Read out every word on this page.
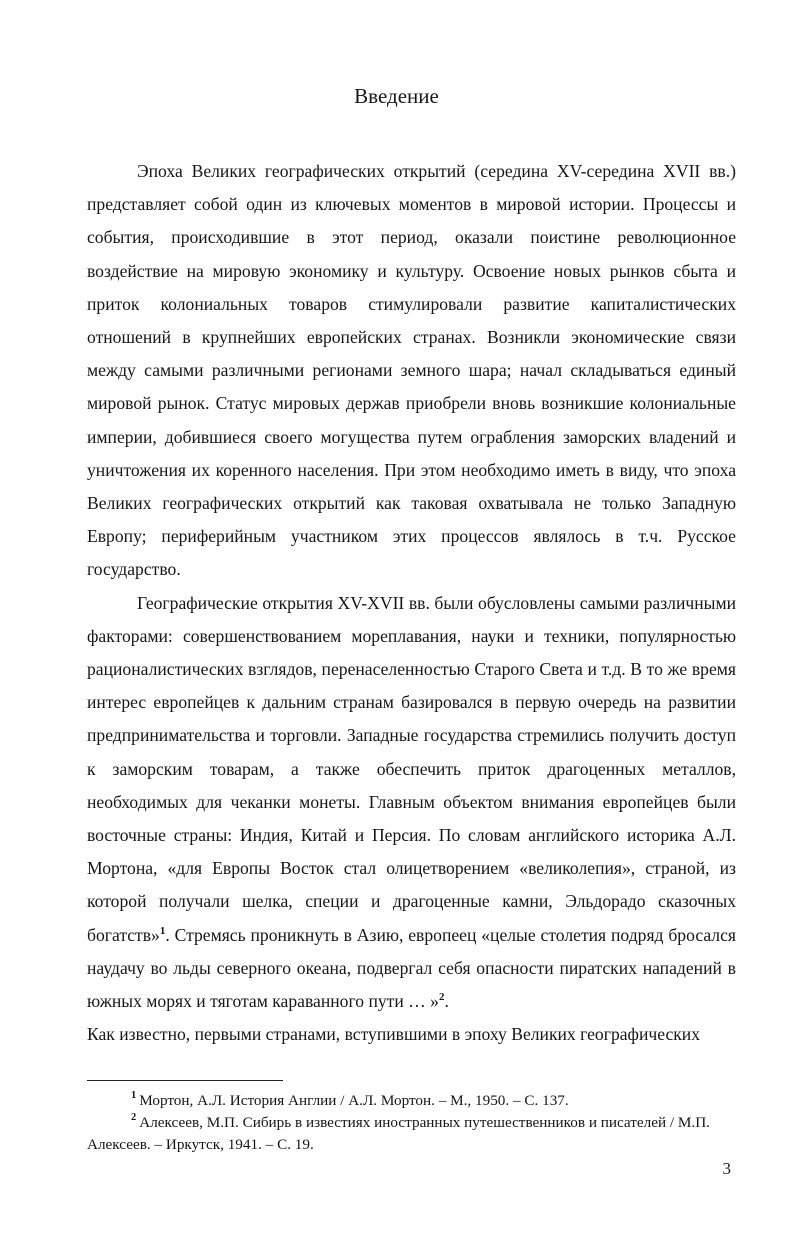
Введение

Эпоха Великих географических открытий (середина XV-середина XVII вв.) представляет собой один из ключевых моментов в мировой истории. Процессы и события, происходившие в этот период, оказали поистине революционное воздействие на мировую экономику и культуру. Освоение новых рынков сбыта и приток колониальных товаров стимулировали развитие капиталистических отношений в крупнейших европейских странах. Возникли экономические связи между самыми различными регионами земного шара; начал складываться единый мировой рынок. Статус мировых держав приобрели вновь возникшие колониальные империи, добившиеся своего могущества путем ограбления заморских владений и уничтожения их коренного населения. При этом необходимо иметь в виду, что эпоха Великих географических открытий как таковая охватывала не только Западную Европу; периферийным участником этих процессов являлось в т.ч. Русское государство.

Географические открытия XV-XVII вв. были обусловлены самыми различными факторами: совершенствованием мореплавания, науки и техники, популярностью рационалистических взглядов, перенаселенностью Старого Света и т.д. В то же время интерес европейцев к дальним странам базировался в первую очередь на развитии предпринимательства и торговли. Западные государства стремились получить доступ к заморским товарам, а также обеспечить приток драгоценных металлов, необходимых для чеканки монеты. Главным объектом внимания европейцев были восточные страны: Индия, Китай и Персия. По словам английского историка А.Л. Мортона, «для Европы Восток стал олицетворением «великолепия», страной, из которой получали шелка, специи и драгоценные камни, Эльдорадо сказочных богатств»$^1$. Стремясь проникнуть в Азию, европеец «целые столетия подряд бросался наудачу во льды северного океана, подвергал себя опасности пиратских нападений в южных морях и тяготам караванного пути … »$^2$.

Как известно, первыми странами, вступившими в эпоху Великих географических

$^1$ Мортон, А.Л. История Англии / А.Л. Мортон. – М., 1950. – С. 137.

$^2$ Алексеев, М.П. Сибирь в известиях иностранных путешественников и писателей / М.П. Алексеев. – Иркутск, 1941. – С. 19.

3
